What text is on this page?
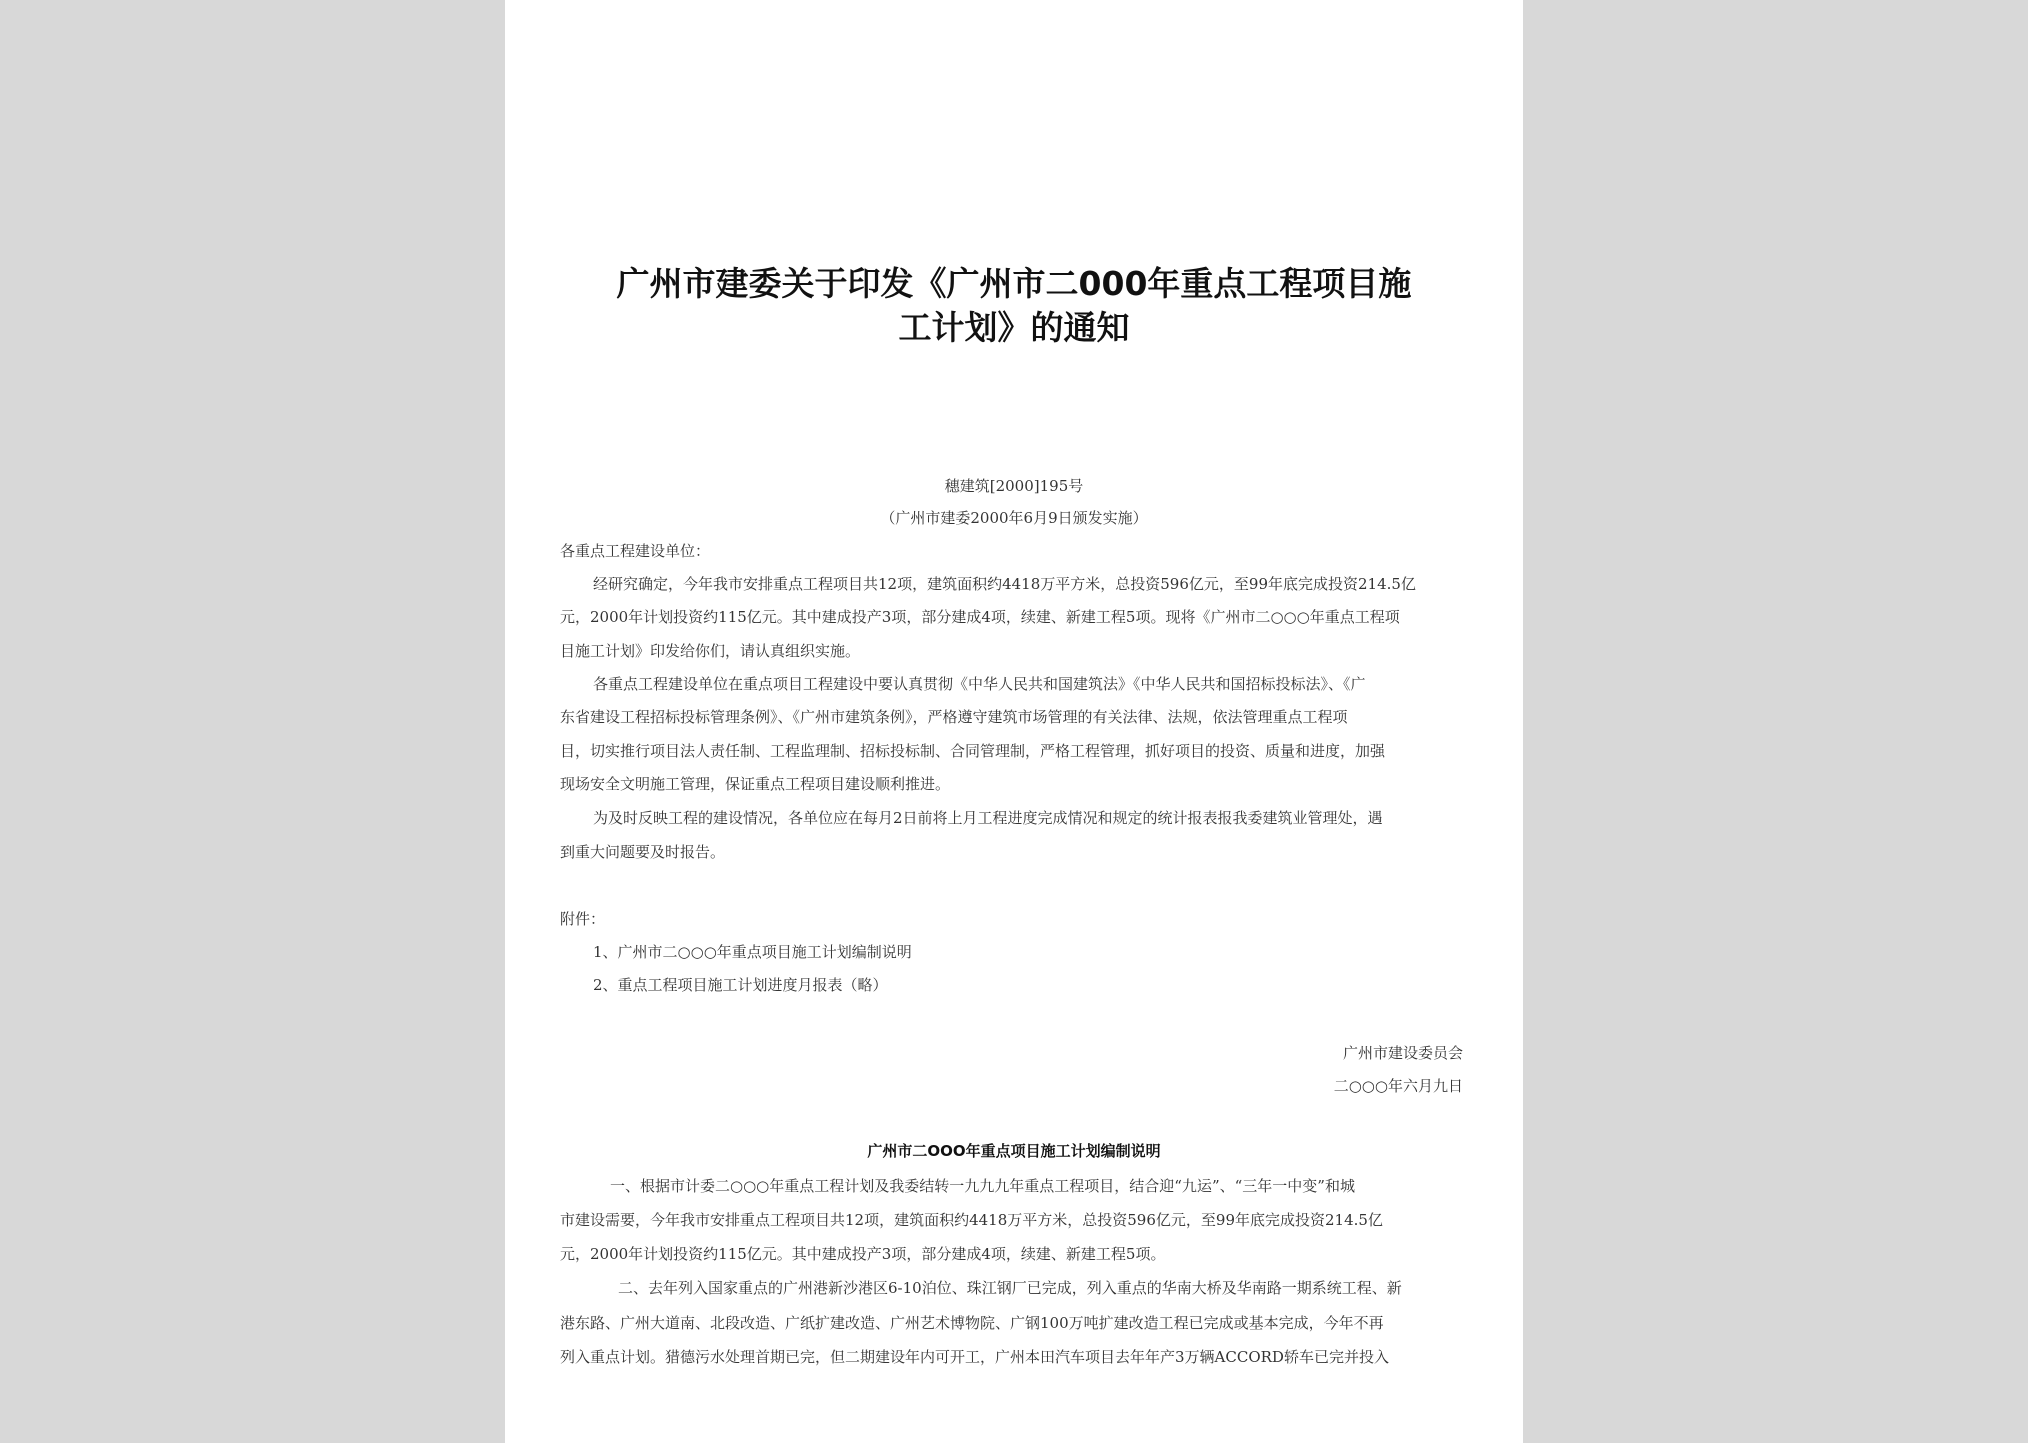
广州市建委关于印发《广州市二000年重点工程项目施
工计划》的通知
穗建筑[2000]195号
（广州市建委2000年6月9日颁发实施）
各重点工程建设单位：
经研究确定，今年我市安排重点工程项目共12项，建筑面积约4418万平方米，总投资596亿元，至99年底完成投资214.5亿
元，2000年计划投资约115亿元。其中建成投产3项，部分建成4项，续建、新建工程5项。现将《广州市二○○○年重点工程项
目施工计划》印发给你们，请认真组织实施。
各重点工程建设单位在重点项目工程建设中要认真贯彻《中华人民共和国建筑法》《中华人民共和国招标投标法》、《广
东省建设工程招标投标管理条例》、《广州市建筑条例》，严格遵守建筑市场管理的有关法律、法规，依法管理重点工程项
目，切实推行项目法人责任制、工程监理制、招标投标制、合同管理制，严格工程管理，抓好项目的投资、质量和进度，加强
现场安全文明施工管理，保证重点工程项目建设顺利推进。
为及时反映工程的建设情况，各单位应在每月2日前将上月工程进度完成情况和规定的统计报表报我委建筑业管理处，遇
到重大问题要及时报告。
附件：
1、广州市二○○○年重点项目施工计划编制说明
2、重点工程项目施工计划进度月报表（略）
广州市建设委员会
二○○○年六月九日
广州市二OOO年重点项目施工计划编制说明
一、根据市计委二○○○年重点工程计划及我委结转一九九九年重点工程项目，结合迎“九运”、“三年一中变”和城
市建设需要，今年我市安排重点工程项目共12项，建筑面积约4418万平方米，总投资596亿元，至99年底完成投资214.5亿
元，2000年计划投资约115亿元。其中建成投产3项，部分建成4项，续建、新建工程5项。
二、去年列入国家重点的广州港新沙港区6-10泊位、珠江钢厂已完成，列入重点的华南大桥及华南路一期系统工程、新
港东路、广州大道南、北段改造、广纸扩建改造、广州艺术博物院、广钢100万吨扩建改造工程已完成或基本完成，今年不再
列入重点计划。猎德污水处理首期已完，但二期建设年内可开工，广州本田汽车项目去年年产3万辆ACCORD轿车已完并投入
